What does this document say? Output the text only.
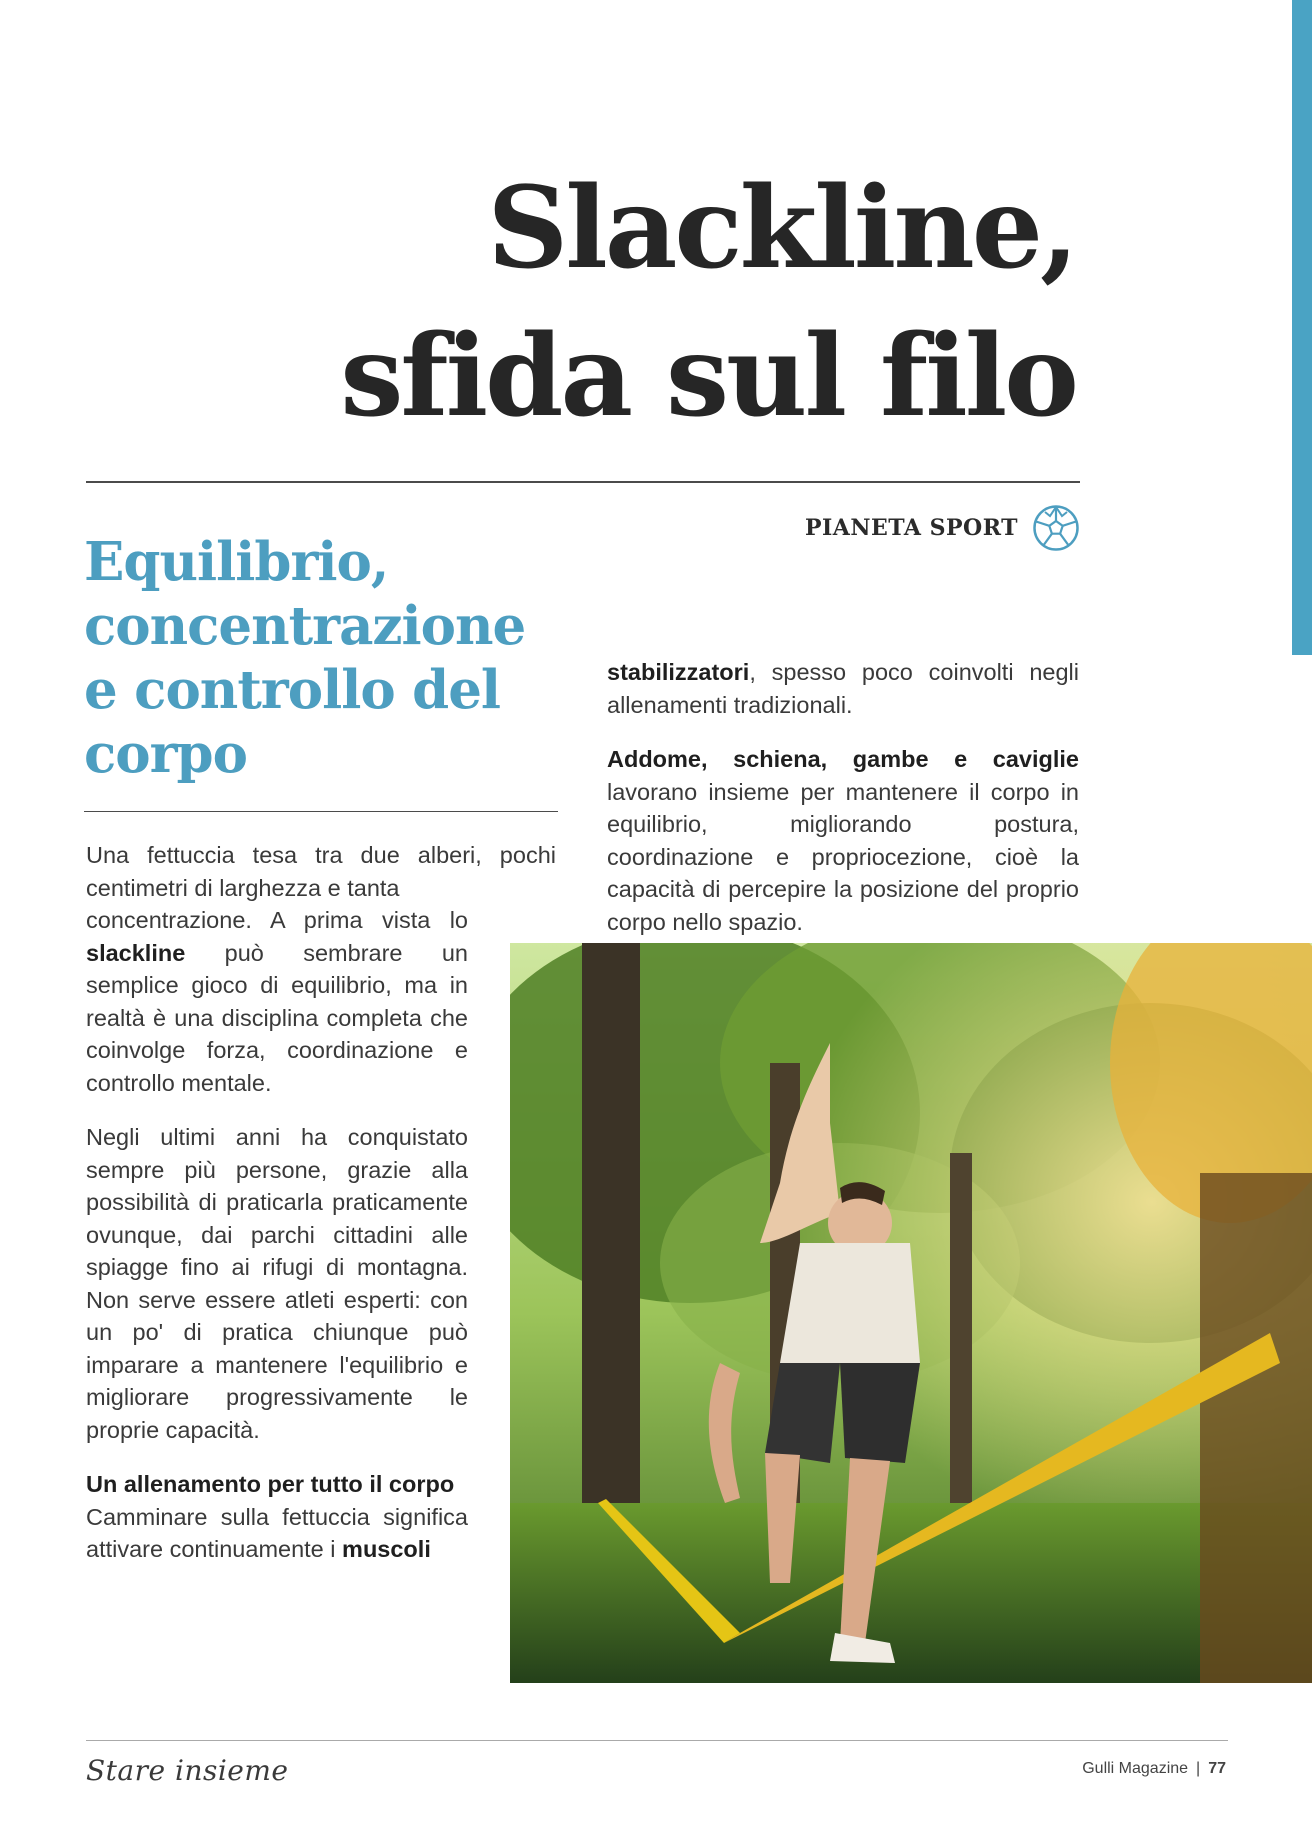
Slackline,
sfida sul filo
PIANETA SPORT
Equilibrio,
concentrazione
e controllo del
corpo

Una fettuccia tesa tra due alberi, pochi centimetri di larghezza e tanta

concentrazione. A prima vista lo slackline può sembrare un semplice gioco di equilibrio, ma in realtà è una disciplina completa che coinvolge forza, coordinazione e controllo mentale.

Negli ultimi anni ha conquistato sempre più persone, grazie alla possibilità di praticarla praticamente ovunque, dai parchi cittadini alle spiagge fino ai rifugi di montagna. Non serve essere atleti esperti: con un po' di pratica chiunque può imparare a mantenere l'equilibrio e migliorare progressivamente le proprie capacità.

Un allenamento per tutto il corpo
Camminare sulla fettuccia significa attivare continuamente i muscoli

stabilizzatori, spesso poco coinvolti negli allenamenti tradizionali.

Addome, schiena, gambe e caviglie lavorano insieme per mantenere il corpo in equilibrio, migliorando postura, coordinazione e propriocezione, cioè la capacità di percepire la posizione del proprio corpo nello spazio.

Stare insieme	Gulli Magazine | 77
